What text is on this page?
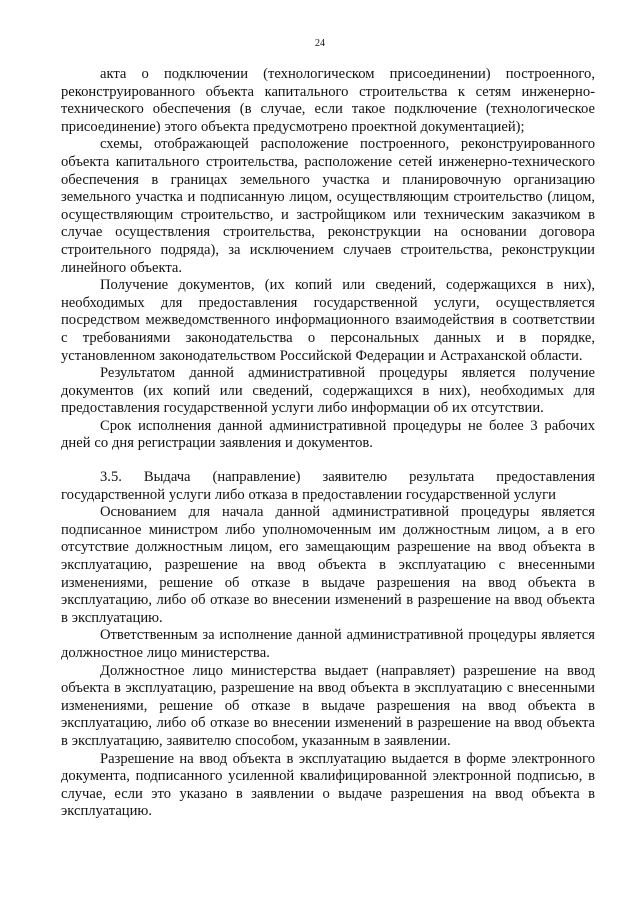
24

акта о подключении (технологическом присоединении) построенного, реконструированного объекта капитального строительства к сетям инженерно-технического обеспечения (в случае, если такое подключение (технологическое присоединение) этого объекта предусмотрено проектной документацией);

схемы, отображающей расположение построенного, реконструированного объекта капитального строительства, расположение сетей инженерно-технического обеспечения в границах земельного участка и планировочную организацию земельного участка и подписанную лицом, осуществляющим строительство (лицом, осуществляющим строительство, и застройщиком или техническим заказчиком в случае осуществления строительства, реконструкции на основании договора строительного подряда), за исключением случаев строительства, реконструкции линейного объекта.

Получение документов, (их копий или сведений, содержащихся в них), необходимых для предоставления государственной услуги, осуществляется посредством межведомственного информационного взаимодействия в соответствии с требованиями законодательства о персональных данных и в порядке, установленном законодательством Российской Федерации и Астраханской области.

Результатом данной административной процедуры является получение документов (их копий или сведений, содержащихся в них), необходимых для предоставления государственной услуги либо информации об их отсутствии.

Срок исполнения данной административной процедуры не более 3 рабочих дней со дня регистрации заявления и документов.

3.5. Выдача (направление) заявителю результата предоставления государственной услуги либо отказа в предоставлении государственной услуги

Основанием для начала данной административной процедуры является подписанное министром либо уполномоченным им должностным лицом, а в его отсутствие должностным лицом, его замещающим разрешение на ввод объекта в эксплуатацию, разрешение на ввод объекта в эксплуатацию с внесенными изменениями, решение об отказе в выдаче разрешения на ввод объекта в эксплуатацию, либо об отказе во внесении изменений в разрешение на ввод объекта в эксплуатацию.

Ответственным за исполнение данной административной процедуры является должностное лицо министерства.

Должностное лицо министерства выдает (направляет) разрешение на ввод объекта в эксплуатацию, разрешение на ввод объекта в эксплуатацию с внесенными изменениями, решение об отказе в выдаче разрешения на ввод объекта в эксплуатацию, либо об отказе во внесении изменений в разрешение на ввод объекта в эксплуатацию, заявителю способом, указанным в заявлении.

Разрешение на ввод объекта в эксплуатацию выдается в форме электронного документа, подписанного усиленной квалифицированной электронной подписью, в случае, если это указано в заявлении о выдаче разрешения на ввод объекта в эксплуатацию.
